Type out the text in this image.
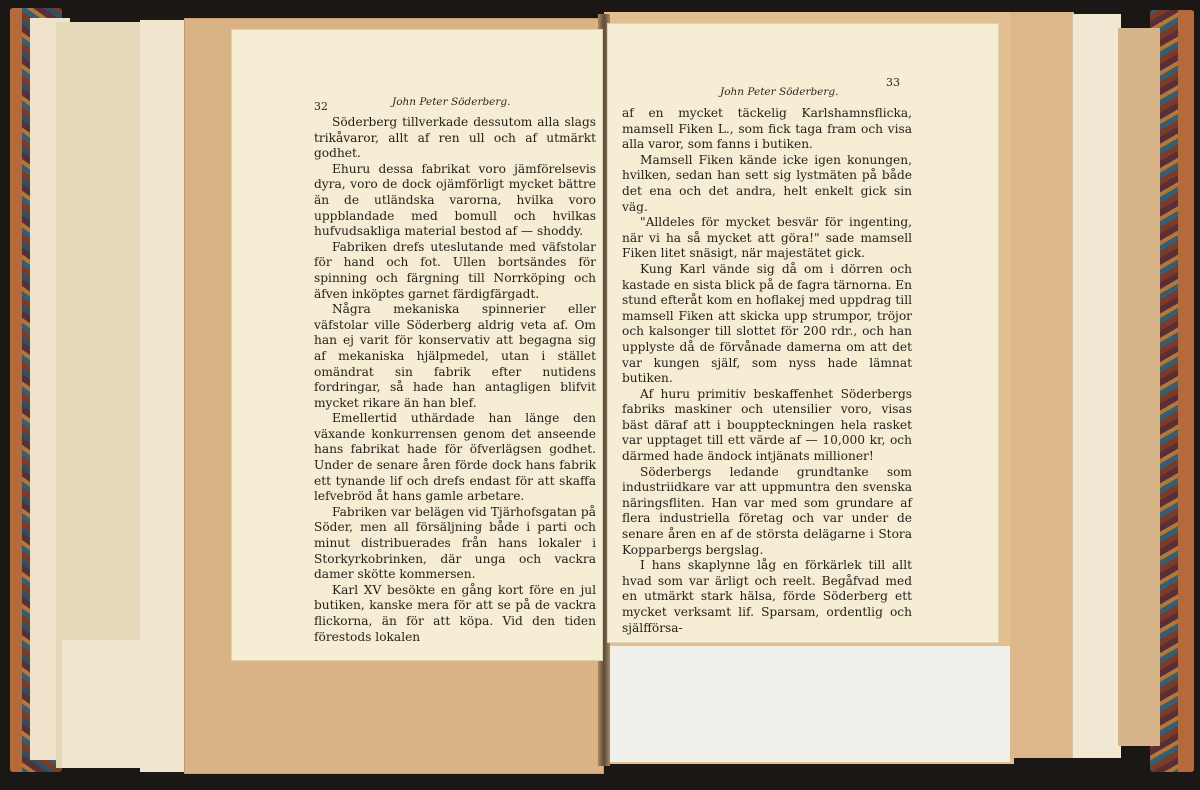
32	John Peter Söderberg.
John Peter Söderberg.
33

Söderberg tillverkade dessutom alla slags trikåvaror, allt af ren ull och af utmärkt godhet.

Ehuru dessa fabrikat voro jämförelsevis dyra, voro de dock ojämförligt mycket bättre än de utländska varorna, hvilka voro uppblandade med bomull och hvilkas hufvudsakliga material bestod af — shoddy.

Fabriken drefs uteslutande med väfstolar för hand och fot. Ullen bortsändes för spinning och färgning till Norrköping och äfven inköptes garnet färdigfärgadt.

Några mekaniska spinnerier eller väfstolar ville Söderberg aldrig veta af. Om han ej varit för konservativ att begagna sig af mekaniska hjälpmedel, utan i stället omändrat sin fabrik efter nutidens fordringar, så hade han antagligen blifvit mycket rikare än han blef.

Emellertid uthärdade han länge den växande konkurrensen genom det anseende hans fabrikat hade för öfverlägsen godhet. Under de senare åren förde dock hans fabrik ett tynande lif och drefs endast för att skaffa lefvebröd åt hans gamle arbetare.

Fabriken var belägen vid Tjärhofsgatan på Söder, men all försäljning både i parti och minut distribuerades från hans lokaler i Storkyrkobrinken, där unga och vackra damer skötte kommersen.

Karl XV besökte en gång kort före en jul butiken, kanske mera för att se på de vackra flickorna, än för att köpa. Vid den tiden förestods lokalen

af en mycket täckelig Karlshamnsflicka, mamsell Fiken L., som fick taga fram och visa alla varor, som fanns i butiken.

Mamsell Fiken kände icke igen konungen, hvilken, sedan han sett sig lystmäten på både det ena och det andra, helt enkelt gick sin väg.

"Alldeles för mycket besvär för ingenting, när vi ha så mycket att göra!" sade mamsell Fiken litet snäsigt, när majestätet gick.

Kung Karl vände sig då om i dörren och kastade en sista blick på de fagra tärnorna. En stund efteråt kom en hoflakej med uppdrag till mamsell Fiken att skicka upp strumpor, tröjor och kalsonger till slottet för 200 rdr., och han upplyste då de förvånade damerna om att det var kungen själf, som nyss hade lämnat butiken.

Af huru primitiv beskaffenhet Söderbergs fabriks maskiner och utensilier voro, visas bäst däraf att i bouppteckningen hela rasket var upptaget till ett värde af — 10,000 kr, och därmed hade ändock intjänats millioner!

Söderbergs ledande grundtanke som industriidkare var att uppmuntra den svenska näringsfliten. Han var med som grundare af flera industriella företag och var under de senare åren en af de största delägarne i Stora Kopparbergs bergslag.

I hans skaplynne låg en förkärlek till allt hvad som var ärligt och reelt. Begåfvad med en utmärkt stark hälsa, förde Söderberg ett mycket verksamt lif. Sparsam, ordentlig och själfförsa-
